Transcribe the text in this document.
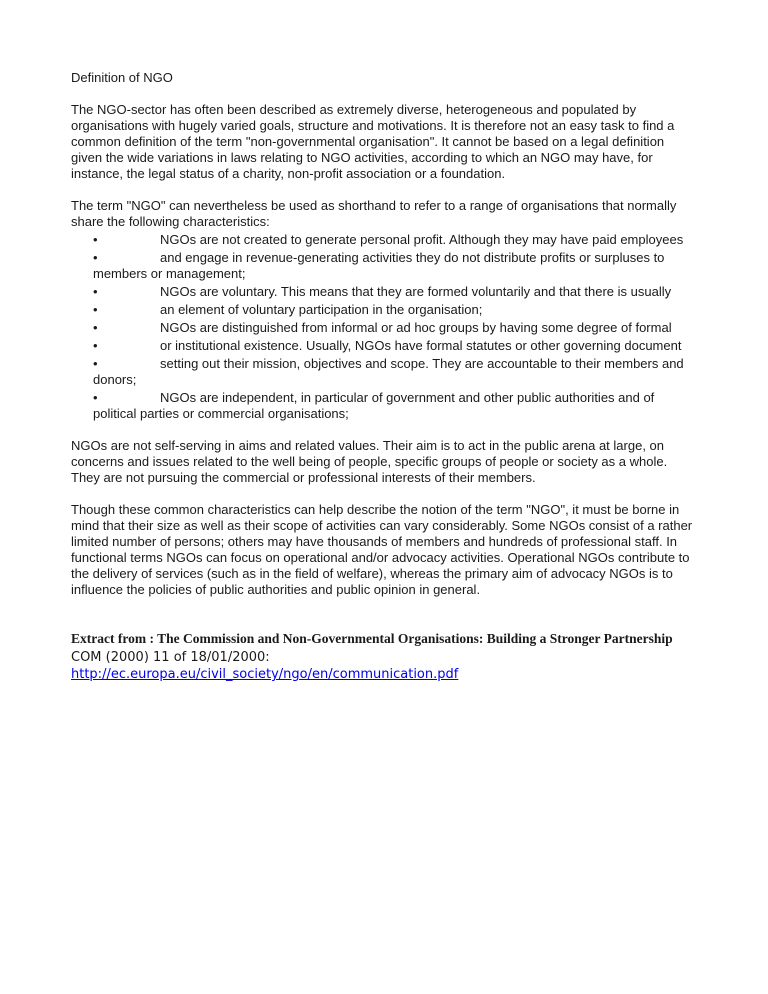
Definition of NGO

The NGO-sector has often been described as extremely diverse, heterogeneous and populated by organisations with hugely varied goals, structure and motivations. It is therefore not an easy task to find a common definition of the term "non-governmental organisation". It cannot be based on a legal definition given the wide variations in laws relating to NGO activities, according to which an NGO may have, for instance, the legal status of a charity, non-profit association or a foundation.

The term "NGO" can nevertheless be used as shorthand to refer to a range of organisations that normally share the following characteristics:

•	NGOs are not created to generate personal profit. Although they may have paid employees
•	and engage in revenue-generating activities they do not distribute profits or surpluses to members or management;
•	NGOs are voluntary. This means that they are formed voluntarily and that there is usually
•	an element of voluntary participation in the organisation;
•	NGOs are distinguished from informal or ad hoc groups by having some degree of formal
•	or institutional existence. Usually, NGOs have formal statutes or other governing document
•	setting out their mission, objectives and scope. They are accountable to their members and donors;
•	NGOs are independent, in particular of government and other public authorities and of political parties or commercial organisations;

NGOs are not self-serving in aims and related values. Their aim is to act in the public arena at large, on concerns and issues related to the well being of people, specific groups of people or society as a whole. They are not pursuing the commercial or professional interests of their members.

Though these common characteristics can help describe the notion of the term "NGO", it must be borne in mind that their size as well as their scope of activities can vary considerably. Some NGOs consist of a rather limited number of persons; others may have thousands of members and hundreds of professional staff. In functional terms NGOs can focus on operational and/or advocacy activities. Operational NGOs contribute to the delivery of services (such as in the field of welfare), whereas the primary aim of advocacy NGOs is to influence the policies of public authorities and public opinion in general.

Extract from : The Commission and Non-Governmental Organisations: Building a Stronger Partnership COM (2000) 11 of 18/01/2000:
http://ec.europa.eu/civil_society/ngo/en/communication.pdf
